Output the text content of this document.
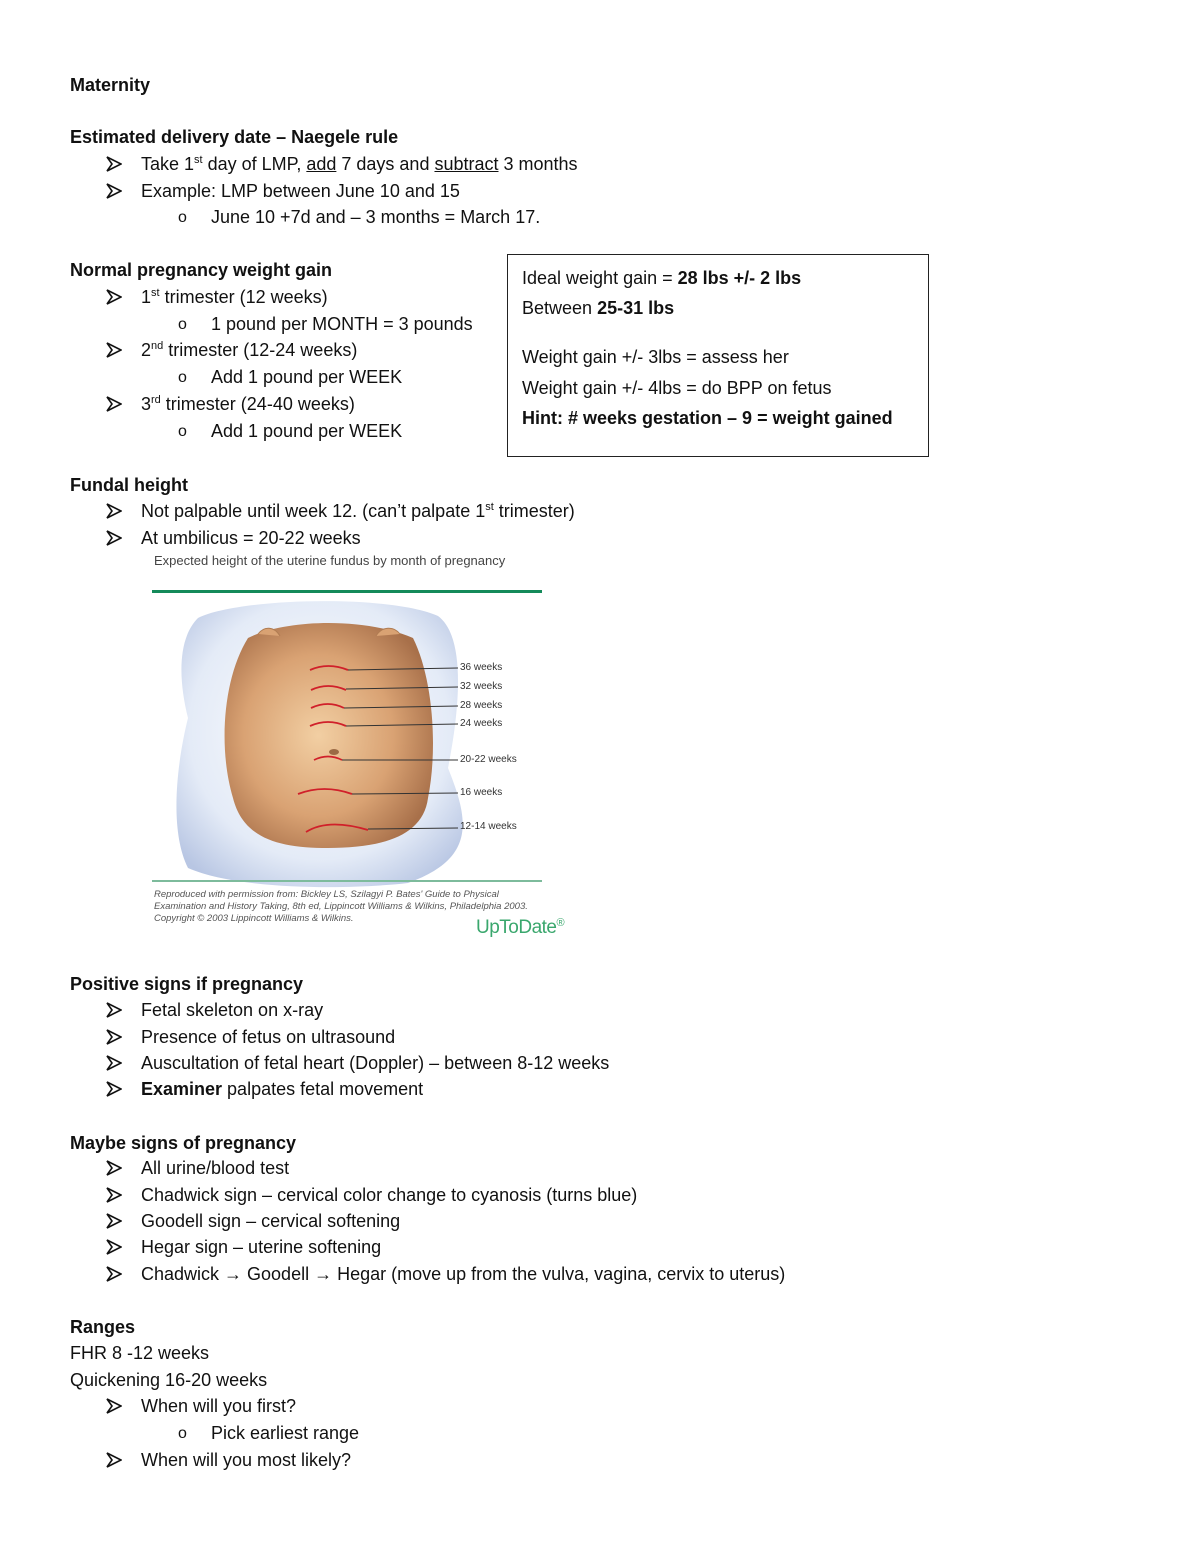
Maternity
Estimated delivery date – Naegele rule
Take 1st day of LMP, add 7 days and subtract 3 months
Example: LMP between June 10 and 15
o June 10 +7d and – 3 months = March 17.
Normal pregnancy weight gain
1st trimester (12 weeks)
o 1 pound per MONTH = 3 pounds
2nd trimester (12-24 weeks)
o Add 1 pound per WEEK
3rd trimester (24-40 weeks)
o Add 1 pound per WEEK
Ideal weight gain = 28 lbs +/- 2 lbs
Between 25-31 lbs
Weight gain +/- 3lbs = assess her
Weight gain +/- 4lbs = do BPP on fetus
Hint: # weeks gestation – 9 = weight gained
Fundal height
Not palpable until week 12. (can’t palpate 1st trimester)
At umbilicus = 20-22 weeks
Expected height of the uterine fundus by month of pregnancy
36 weeks
32 weeks
28 weeks
24 weeks
20-22 weeks
16 weeks
12-14 weeks
Reproduced with permission from: Bickley LS, Szilagyi P. Bates' Guide to Physical Examination and History Taking, 8th ed, Lippincott Williams & Wilkins, Philadelphia 2003. Copyright © 2003 Lippincott Williams & Wilkins.	UpToDate®
Positive signs if pregnancy
Fetal skeleton on x-ray
Presence of fetus on ultrasound
Auscultation of fetal heart (Doppler) – between 8-12 weeks
Examiner palpates fetal movement
Maybe signs of pregnancy
All urine/blood test
Chadwick sign – cervical color change to cyanosis (turns blue)
Goodell sign – cervical softening
Hegar sign – uterine softening
Chadwick → Goodell → Hegar (move up from the vulva, vagina, cervix to uterus)
Ranges
FHR 8 -12 weeks
Quickening 16-20 weeks
When will you first?
o Pick earliest range
When will you most likely?
